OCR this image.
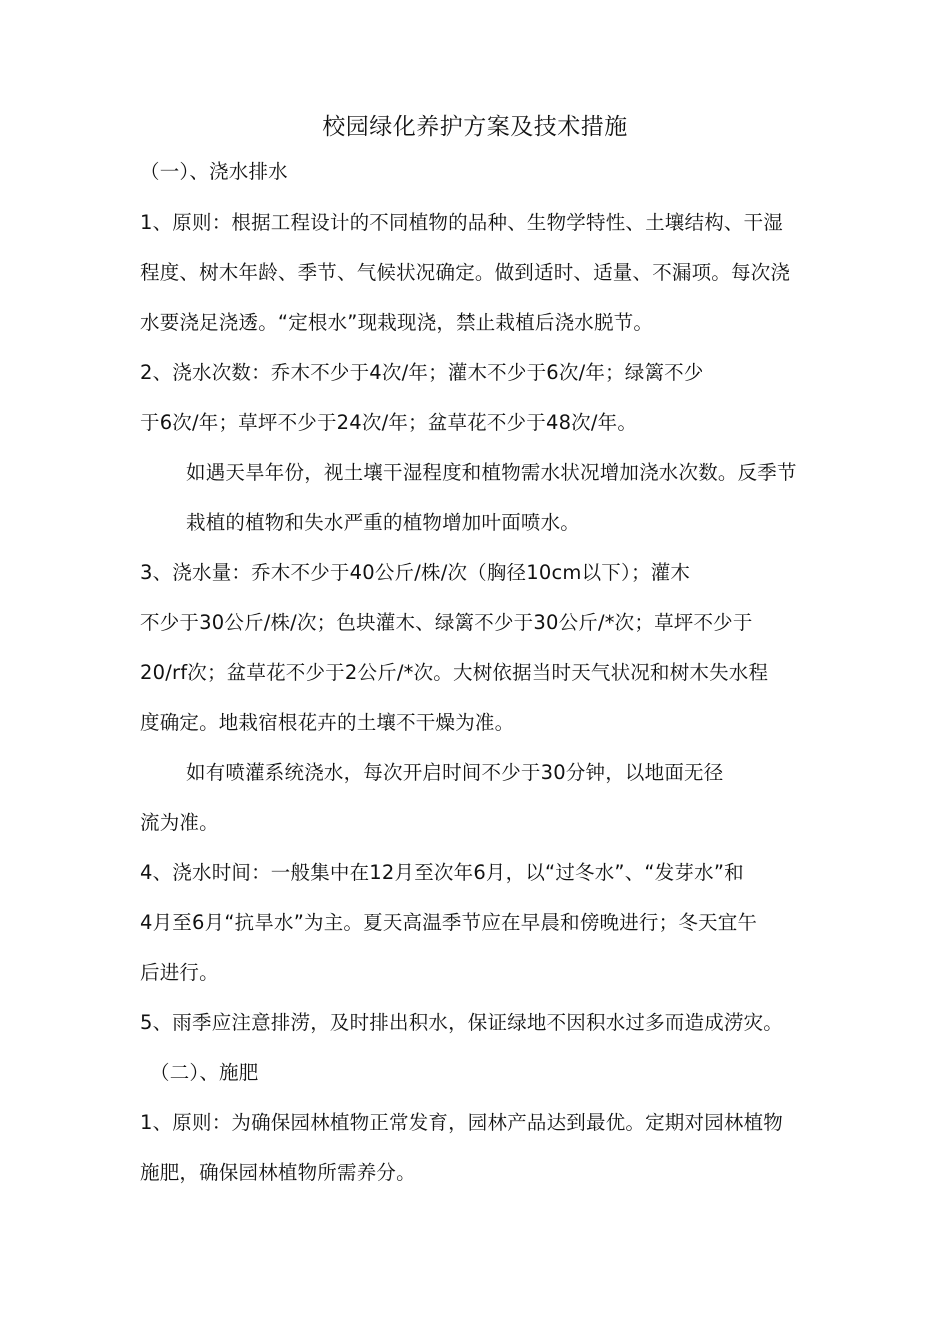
校园绿化养护方案及技术措施
（一）、浇水排水
1、原则：根据工程设计的不同植物的品种、生物学特性、土壤结构、干湿
程度、树木年龄、季节、气候状况确定。做到适时、适量、不漏项。每次浇
水要浇足浇透。“定根水”现栽现浇，禁止栽植后浇水脱节。
2、浇水次数：乔木不少于4次/年；灌木不少于6次/年；绿篱不少
于6次/年；草坪不少于24次/年；盆草花不少于48次/年。
如遇天旱年份，视土壤干湿程度和植物需水状况增加浇水次数。反季节
栽植的植物和失水严重的植物增加叶面喷水。
3、浇水量：乔木不少于40公斤/株/次（胸径10cm以下）；灌木
不少于30公斤/株/次；色块灌木、绿篱不少于30公斤/*次；草坪不少于
20/rf次；盆草花不少于2公斤/*次。大树依据当时天气状况和树木失水程
度确定。地栽宿根花卉的土壤不干燥为准。
如有喷灌系统浇水，每次开启时间不少于30分钟，以地面无径
流为准。
4、浇水时间：一般集中在12月至次年6月，以“过冬水”、“发芽水”和
4月至6月“抗旱水”为主。夏天高温季节应在早晨和傍晚进行；冬天宜午
后进行。
5、雨季应注意排涝，及时排出积水，保证绿地不因积水过多而造成涝灾。
（二）、施肥
1、原则：为确保园林植物正常发育，园林产品达到最优。定期对园林植物
施肥，确保园林植物所需养分。
